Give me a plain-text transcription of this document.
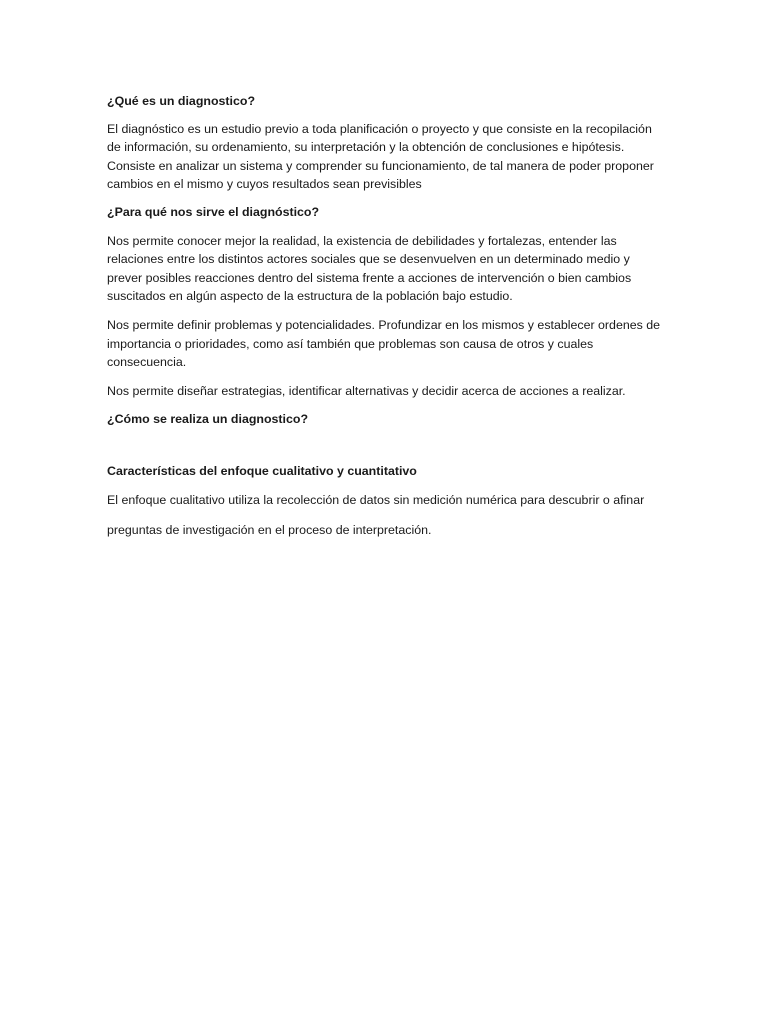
¿Qué es un diagnostico?

El diagnóstico es un estudio previo a toda planificación o proyecto y que consiste en la recopilación de información, su ordenamiento, su interpretación y la obtención de conclusiones e hipótesis. Consiste en analizar un sistema y comprender su funcionamiento, de tal manera de poder proponer cambios en el mismo y cuyos resultados sean previsibles

¿Para qué nos sirve el diagnóstico?

Nos permite conocer mejor la realidad, la existencia de debilidades y fortalezas, entender las relaciones entre los distintos actores sociales que se desenvuelven en un determinado medio y prever posibles reacciones dentro del sistema frente a acciones de intervención o bien cambios suscitados en algún aspecto de la estructura de la población bajo estudio.

Nos permite definir problemas y potencialidades. Profundizar en los mismos y establecer ordenes de importancia o prioridades, como así también que problemas son causa de otros y cuales consecuencia.

Nos permite diseñar estrategias, identificar alternativas y decidir acerca de acciones a realizar.

¿Cómo se realiza un diagnostico?

Características del enfoque cualitativo y cuantitativo

El enfoque cualitativo utiliza la recolección de datos sin medición numérica para descubrir o afinar

preguntas de investigación en el proceso de interpretación.
